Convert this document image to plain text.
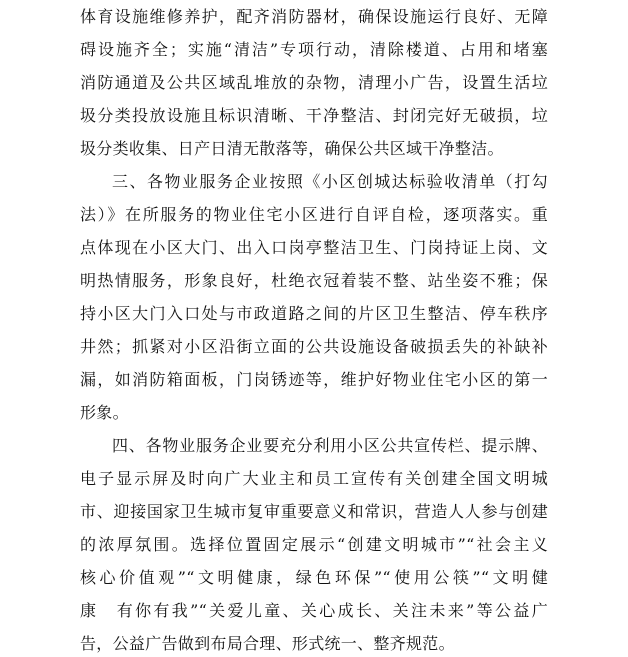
体育设施维修养护，配齐消防器材，确保设施运行良好、无障
碍设施齐全；实施“清洁”专项行动，清除楼道、占用和堵塞
消防通道及公共区域乱堆放的杂物，清理小广告，设置生活垃
圾分类投放设施且标识清晰、干净整洁、封闭完好无破损，垃
圾分类收集、日产日清无散落等，确保公共区域干净整洁。
三、各物业服务企业按照《小区创城达标验收清单（打勾
法）》在所服务的物业住宅小区进行自评自检，逐项落实。重
点体现在小区大门、出入口岗亭整洁卫生、门岗持证上岗、文
明热情服务，形象良好，杜绝衣冠着装不整、站坐姿不雅；保
持小区大门入口处与市政道路之间的片区卫生整洁、停车秩序
井然；抓紧对小区沿街立面的公共设施设备破损丢失的补缺补
漏，如消防箱面板，门岗锈迹等，维护好物业住宅小区的第一
形象。
四、各物业服务企业要充分利用小区公共宣传栏、提示牌、
电子显示屏及时向广大业主和员工宣传有关创建全国文明城
市、迎接国家卫生城市复审重要意义和常识，营造人人参与创建
的浓厚氛围。选择位置固定展示“创建文明城市”“社会主义
核心价值观”“文明健康，绿色环保”“使用公筷”“文明健
康　有你有我”“关爱儿童、关心成长、关注未来”等公益广
告，公益广告做到布局合理、形式统一、整齐规范。
